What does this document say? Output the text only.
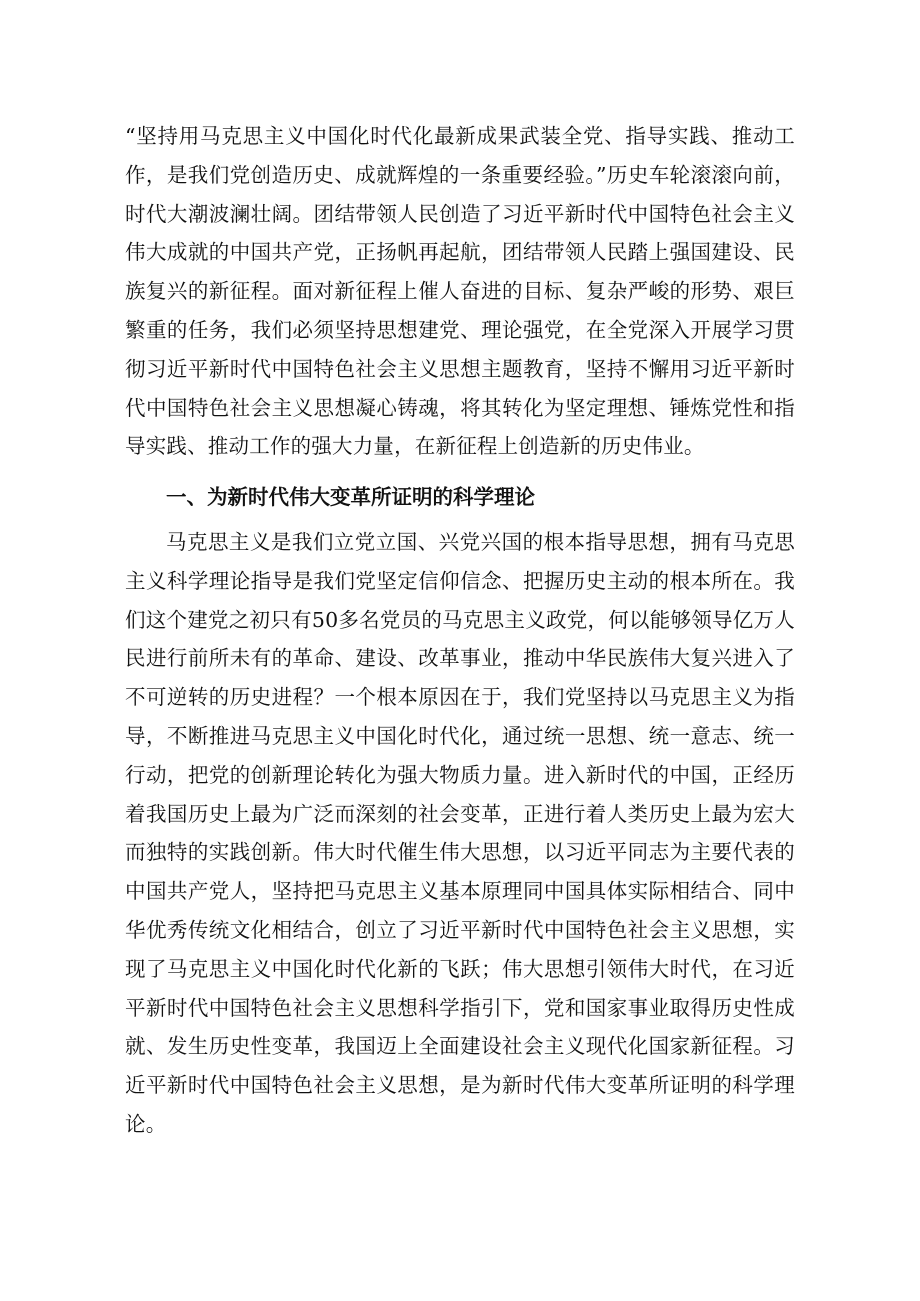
“坚持用马克思主义中国化时代化最新成果武装全党、指导实践、推动工作，是我们党创造历史、成就辉煌的一条重要经验。”历史车轮滚滚向前，时代大潮波澜壮阔。团结带领人民创造了习近平新时代中国特色社会主义伟大成就的中国共产党，正扬帆再起航，团结带领人民踏上强国建设、民族复兴的新征程。面对新征程上催人奋进的目标、复杂严峻的形势、艰巨繁重的任务，我们必须坚持思想建党、理论强党，在全党深入开展学习贯彻习近平新时代中国特色社会主义思想主题教育，坚持不懈用习近平新时代中国特色社会主义思想凝心铸魂，将其转化为坚定理想、锤炼党性和指导实践、推动工作的强大力量，在新征程上创造新的历史伟业。

一、为新时代伟大变革所证明的科学理论

马克思主义是我们立党立国、兴党兴国的根本指导思想，拥有马克思主义科学理论指导是我们党坚定信仰信念、把握历史主动的根本所在。我们这个建党之初只有50多名党员的马克思主义政党，何以能够领导亿万人民进行前所未有的革命、建设、改革事业，推动中华民族伟大复兴进入了不可逆转的历史进程？一个根本原因在于，我们党坚持以马克思主义为指导，不断推进马克思主义中国化时代化，通过统一思想、统一意志、统一行动，把党的创新理论转化为强大物质力量。进入新时代的中国，正经历着我国历史上最为广泛而深刻的社会变革，正进行着人类历史上最为宏大而独特的实践创新。伟大时代催生伟大思想，以习近平同志为主要代表的中国共产党人，坚持把马克思主义基本原理同中国具体实际相结合、同中华优秀传统文化相结合，创立了习近平新时代中国特色社会主义思想，实现了马克思主义中国化时代化新的飞跃；伟大思想引领伟大时代，在习近平新时代中国特色社会主义思想科学指引下，党和国家事业取得历史性成就、发生历史性变革，我国迈上全面建设社会主义现代化国家新征程。习近平新时代中国特色社会主义思想，是为新时代伟大变革所证明的科学理论。
